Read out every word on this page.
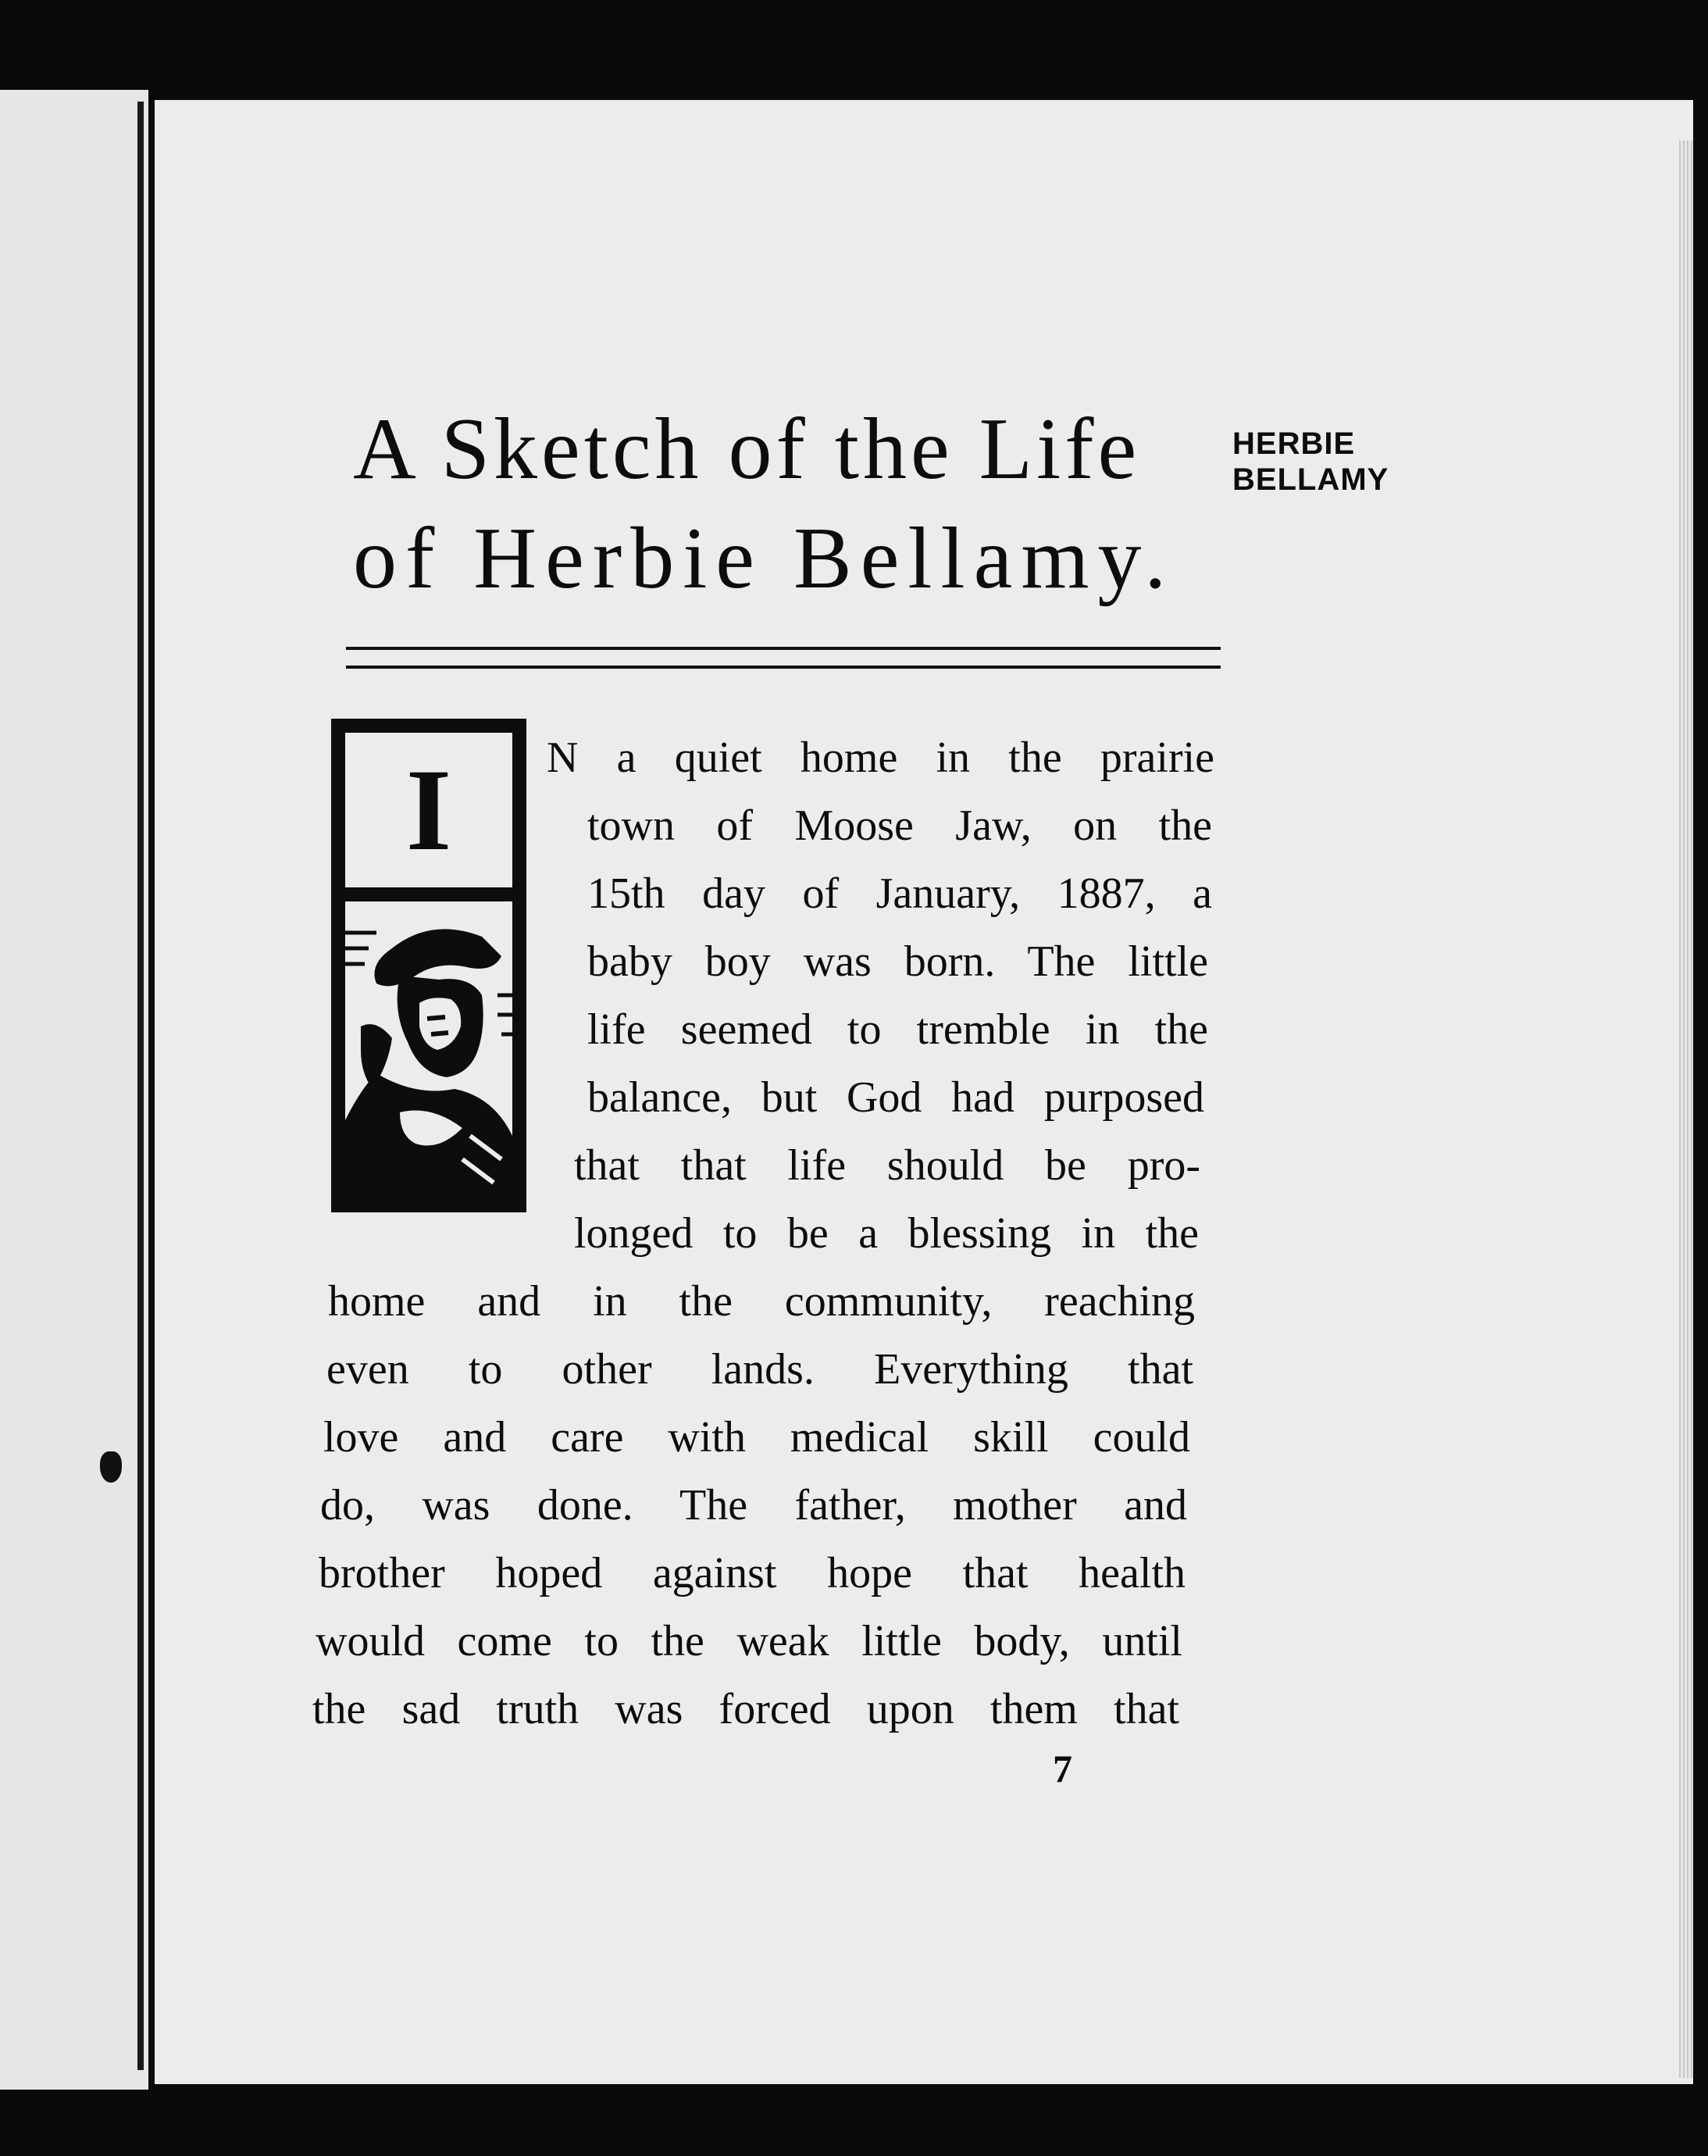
A Sketch of the Life
of Herbie Bellamy.
HERBIE
BELLAMY
I N a quiet home in the prairie

town of Moose Jaw, on the

15th day of January, 1887, a

baby boy was born. The little

life seemed to tremble in the

balance, but God had purposed

that that life should be pro-

longed to be a blessing in the

home and in the community, reaching

even to other lands. Everything that

love and care with medical skill could

do, was done. The father, mother and

brother hoped against hope that health

would come to the weak little body, until

the sad truth was forced upon them that

7
